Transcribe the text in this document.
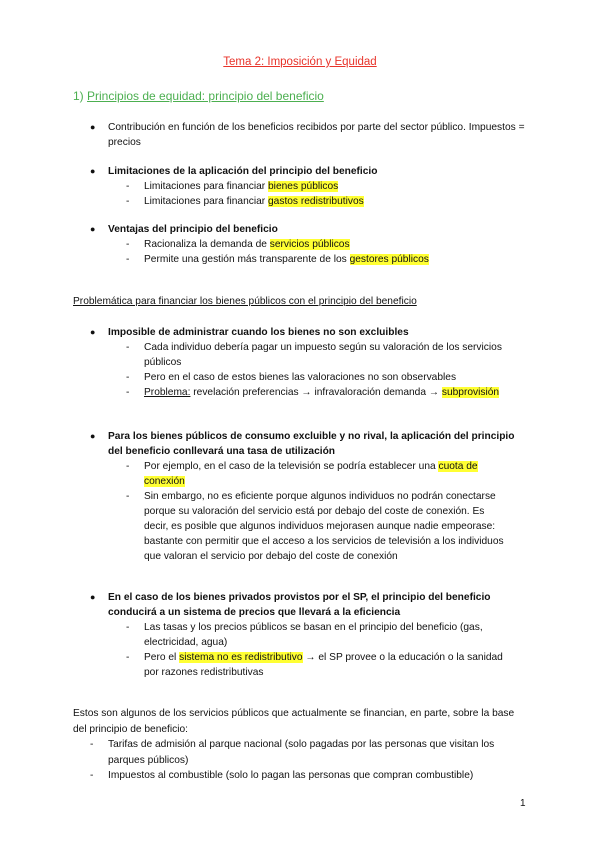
Tema 2: Imposición y Equidad
1) Principios de equidad: principio del beneficio
● Contribución en función de los beneficios recibidos por parte del sector público. Impuestos = precios
● Limitaciones de la aplicación del principio del beneficio
- Limitaciones para financiar bienes públicos
- Limitaciones para financiar gastos redistributivos
● Ventajas del principio del beneficio
- Racionaliza la demanda de servicios públicos
- Permite una gestión más transparente de los gestores públicos
Problemática para financiar los bienes públicos con el principio del beneficio
● Imposible de administrar cuando los bienes no son excluibles
- Cada individuo debería pagar un impuesto según su valoración de los servicios públicos
- Pero en el caso de estos bienes las valoraciones no son observables
- Problema: revelación preferencias → infravaloración demanda → subprovisión
● Para los bienes públicos de consumo excluible y no rival, la aplicación del principio del beneficio conllevará una tasa de utilización
- Por ejemplo, en el caso de la televisión se podría establecer una cuota de conexión
- Sin embargo, no es eficiente porque algunos individuos no podrán conectarse porque su valoración del servicio está por debajo del coste de conexión. Es decir, es posible que algunos individuos mejorasen aunque nadie empeorase: bastante con permitir que el acceso a los servicios de televisión a los individuos que valoran el servicio por debajo del coste de conexión
● En el caso de los bienes privados provistos por el SP, el principio del beneficio conducirá a un sistema de precios que llevará a la eficiencia
- Las tasas y los precios públicos se basan en el principio del beneficio (gas, electricidad, agua)
- Pero el sistema no es redistributivo → el SP provee o la educación o la sanidad por razones redistributivas
Estos son algunos de los servicios públicos que actualmente se financian, en parte, sobre la base del principio de beneficio:
- Tarifas de admisión al parque nacional (solo pagadas por las personas que visitan los parques públicos)
- Impuestos al combustible (solo lo pagan las personas que compran combustible)
1
